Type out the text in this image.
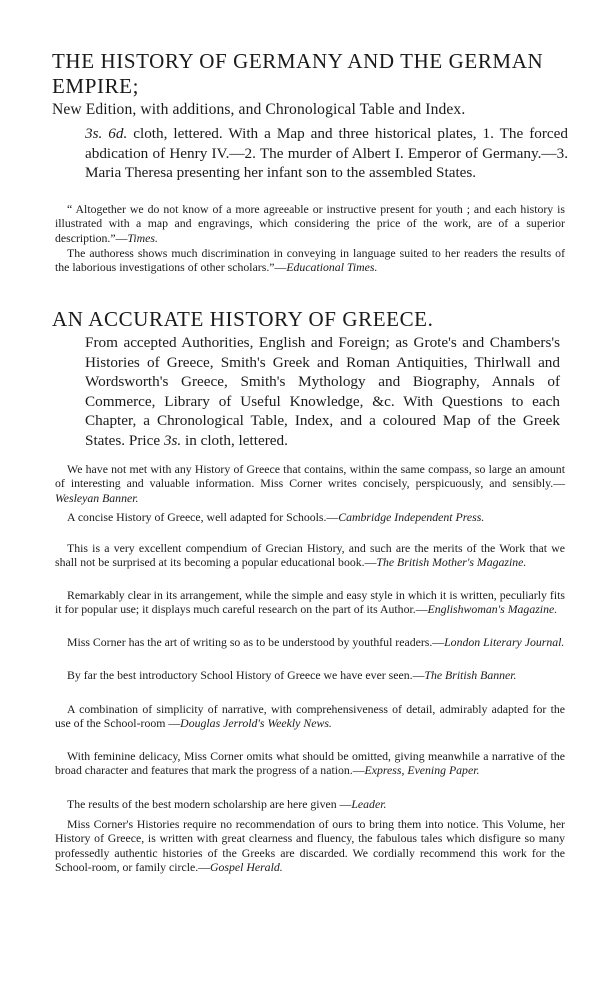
THE HISTORY OF GERMANY AND THE GERMAN EMPIRE;

New Edition, with additions, and Chronological Table and Index.

3s. 6d. cloth, lettered. With a Map and three historical plates, 1. The forced abdication of Henry IV.—2. The murder of Albert I. Emperor of Germany.—3. Maria Theresa presenting her infant son to the assembled States.

“ Altogether we do not know of a more agreeable or instructive present for youth ; and each history is illustrated with a map and engravings, which considering the price of the work, are of a superior description.”—Times.

The authoress shows much discrimination in conveying in language suited to her readers the results of the laborious investigations of other scholars.”—Educational Times.

AN ACCURATE HISTORY OF GREECE.

From accepted Authorities, English and Foreign; as Grote's and Chambers's Histories of Greece, Smith's Greek and Roman Antiquities, Thirlwall and Wordsworth's Greece, Smith's Mythology and Biography, Annals of Commerce, Library of Useful Knowledge, &c. With Questions to each Chapter, a Chronological Table, Index, and a coloured Map of the Greek States. Price 3s. in cloth, lettered.

We have not met with any History of Greece that contains, within the same compass, so large an amount of interesting and valuable information. Miss Corner writes concisely, perspicuously, and sensibly.—Wesleyan Banner.

A concise History of Greece, well adapted for Schools.—Cambridge Independent Press.

This is a very excellent compendium of Grecian History, and such are the merits of the Work that we shall not be surprised at its becoming a popular educational book.—The British Mother's Magazine.

Remarkably clear in its arrangement, while the simple and easy style in which it is written, peculiarly fits it for popular use; it displays much careful research on the part of its Author.—Englishwoman's Magazine.

Miss Corner has the art of writing so as to be understood by youthful readers.—London Literary Journal.

By far the best introductory School History of Greece we have ever seen.—The British Banner.

A combination of simplicity of narrative, with comprehensiveness of detail, admirably adapted for the use of the School-room —Douglas Jerrold's Weekly News.

With feminine delicacy, Miss Corner omits what should be omitted, giving meanwhile a narrative of the broad character and features that mark the progress of a nation.—Express, Evening Paper.

The results of the best modern scholarship are here given —Leader.

Miss Corner's Histories require no recommendation of ours to bring them into notice. This Volume, her History of Greece, is written with great clearness and fluency, the fabulous tales which disfigure so many professedly authentic histories of the Greeks are discarded. We cordially recommend this work for the School-room, or family circle.—Gospel Herald.
